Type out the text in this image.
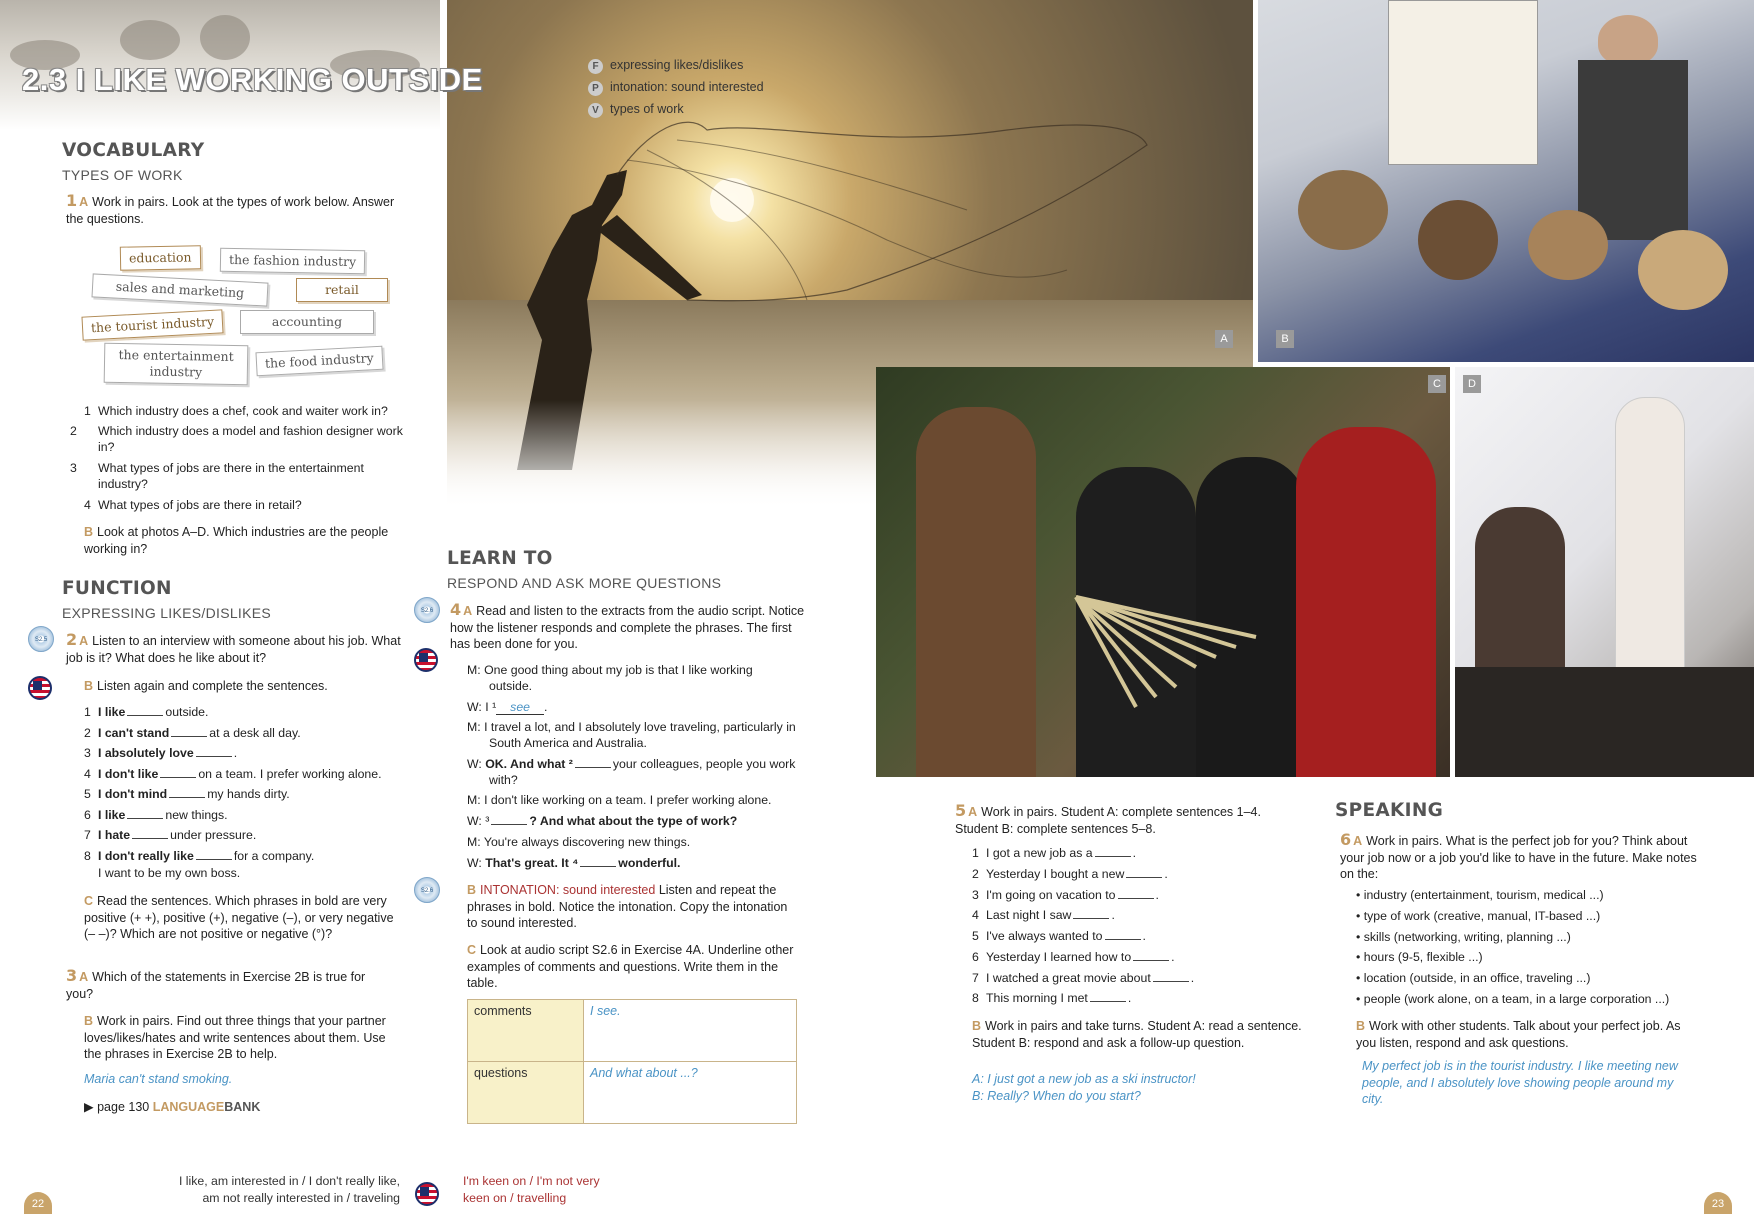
A	B
C	D
2.3 I LIKE WORKING OUTSIDE	F expressing likes/dislikes
P intonation: sound interested
V types of work
VOCABULARY
TYPES OF WORK
1 A Work in pairs. Look at the types of work below. Answer the questions.
education	the fashion industry
sales and marketing	retail
the tourist industry	accounting
the entertainment industry
the food industry
1 Which industry does a chef, cook and waiter work in?
2 Which industry does a model and fashion designer work in?
3 What types of jobs are there in the entertainment industry?
4 What types of jobs are there in retail?
B Look at photos A–D. Which industries are the people working in?
FUNCTION
EXPRESSING LIKES/DISLIKES
S2.5	2 A Listen to an interview with someone about his job. What job is it? What does he like about it?
B Listen again and complete the sentences.
1 I like	outside.
2 I can't stand	at a desk all day.
3 I absolutely love	.
4 I don't like	on a team. I prefer working alone.
5 I don't mind	my hands dirty.
6 I like	new things.
7 I hate	under pressure.
8 I don't really like	for a company.
I want to be my own boss.
C Read the sentences. Which phrases in bold are very positive (+ +), positive (+), negative (–), or very negative (– –)? Which are not positive or negative (°)?
3 A Which of the statements in Exercise 2B is true for you?
B Work in pairs. Find out three things that your partner loves/likes/hates and write sentences about them. Use the phrases in Exercise 2B to help.
Maria can't stand smoking.
▶ page 130 LANGUAGEBANK
LEARN TO
RESPOND AND ASK MORE QUESTIONS
S2.6	4 A Read and listen to the extracts from the audio script. Notice how the listener responds and complete the phrases. The first has been done for you.
M: One good thing about my job is that I like working outside.
W: I ¹ see .
M: I travel a lot, and I absolutely love traveling, particularly in South America and Australia.
W: OK. And what ²	your colleagues, people you work with?
M: I don't like working on a team. I prefer working alone.
W: ³	? And what about the type of work?
M: You're always discovering new things.
W: That's great. It ⁴	wonderful.
S2.6	B INTONATION: sound interested Listen and repeat the phrases in bold. Notice the intonation. Copy the intonation to sound interested.
C Look at audio script S2.6 in Exercise 4A. Underline other examples of comments and questions. Write them in the table.
comments	I see.
questions	And what about ...?
5 A Work in pairs. Student A: complete sentences 1–4. Student B: complete sentences 5–8.
1 I got a new job as a	.
2 Yesterday I bought a new	.
3 I'm going on vacation to	.
4 Last night I saw	.
5 I've always wanted to	.
6 Yesterday I learned how to	.
7 I watched a great movie about	.
8 This morning I met	.
B Work in pairs and take turns. Student A: read a sentence. Student B: respond and ask a follow-up question.
A: I just got a new job as a ski instructor!
B: Really? When do you start?
SPEAKING
6 A Work in pairs. What is the perfect job for you? Think about your job now or a job you'd like to have in the future. Make notes on the:
• industry (entertainment, tourism, medical ...)
• type of work (creative, manual, IT-based ...)
• skills (networking, writing, planning ...)
• hours (9-5, flexible ...)
• location (outside, in an office, traveling ...)
• people (work alone, on a team, in a large corporation ...)
B Work with other students. Talk about your perfect job. As you listen, respond and ask questions.
My perfect job is in the tourist industry. I like meeting new people, and I absolutely love showing people around my city.
I like, am interested in / I don't really like,
am not really interested in / traveling
I'm keen on / I'm not very
keen on / travelling
22	23
